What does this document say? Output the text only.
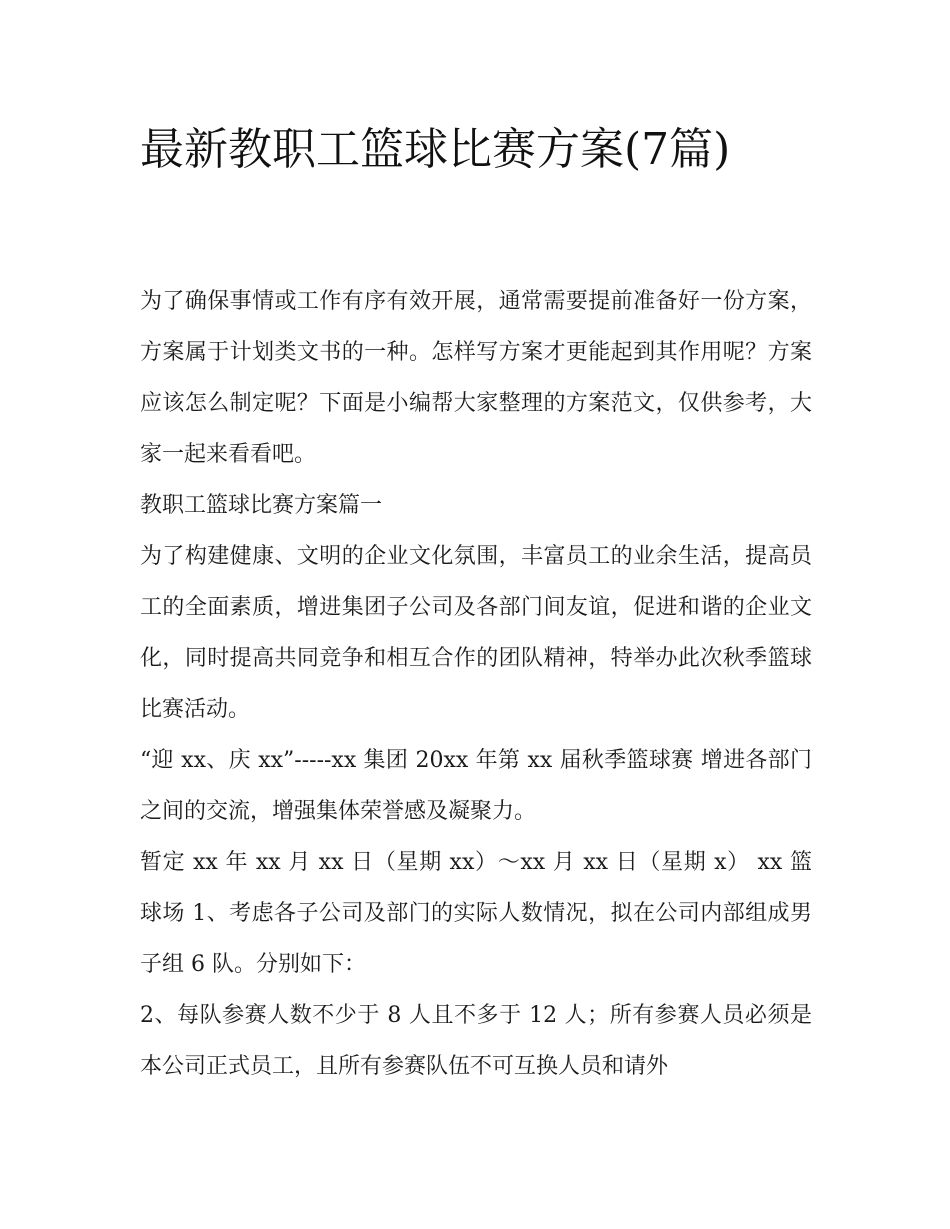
最新教职工篮球比赛方案(7篇)

为了确保事情或工作有序有效开展，通常需要提前准备好一份方案，方案属于计划类文书的一种。怎样写方案才更能起到其作用呢？方案应该怎么制定呢？下面是小编帮大家整理的方案范文，仅供参考，大家一起来看看吧。

教职工篮球比赛方案篇一

为了构建健康、文明的企业文化氛围，丰富员工的业余生活，提高员工的全面素质，增进集团子公司及各部门间友谊，促进和谐的企业文化，同时提高共同竞争和相互合作的团队精神，特举办此次秋季篮球比赛活动。

“迎 xx、庆 xx”-----xx 集团 20xx 年第 xx 届秋季篮球赛 增进各部门之间的交流，增强集体荣誉感及凝聚力。

暂定 xx 年 xx 月 xx 日（星期 xx）～xx 月 xx 日（星期 x） xx 篮球场 1、考虑各子公司及部门的实际人数情况，拟在公司内部组成男子组 6 队。分别如下：

2、每队参赛人数不少于 8 人且不多于 12 人；所有参赛人员必须是本公司正式员工，且所有参赛队伍不可互换人员和请外
